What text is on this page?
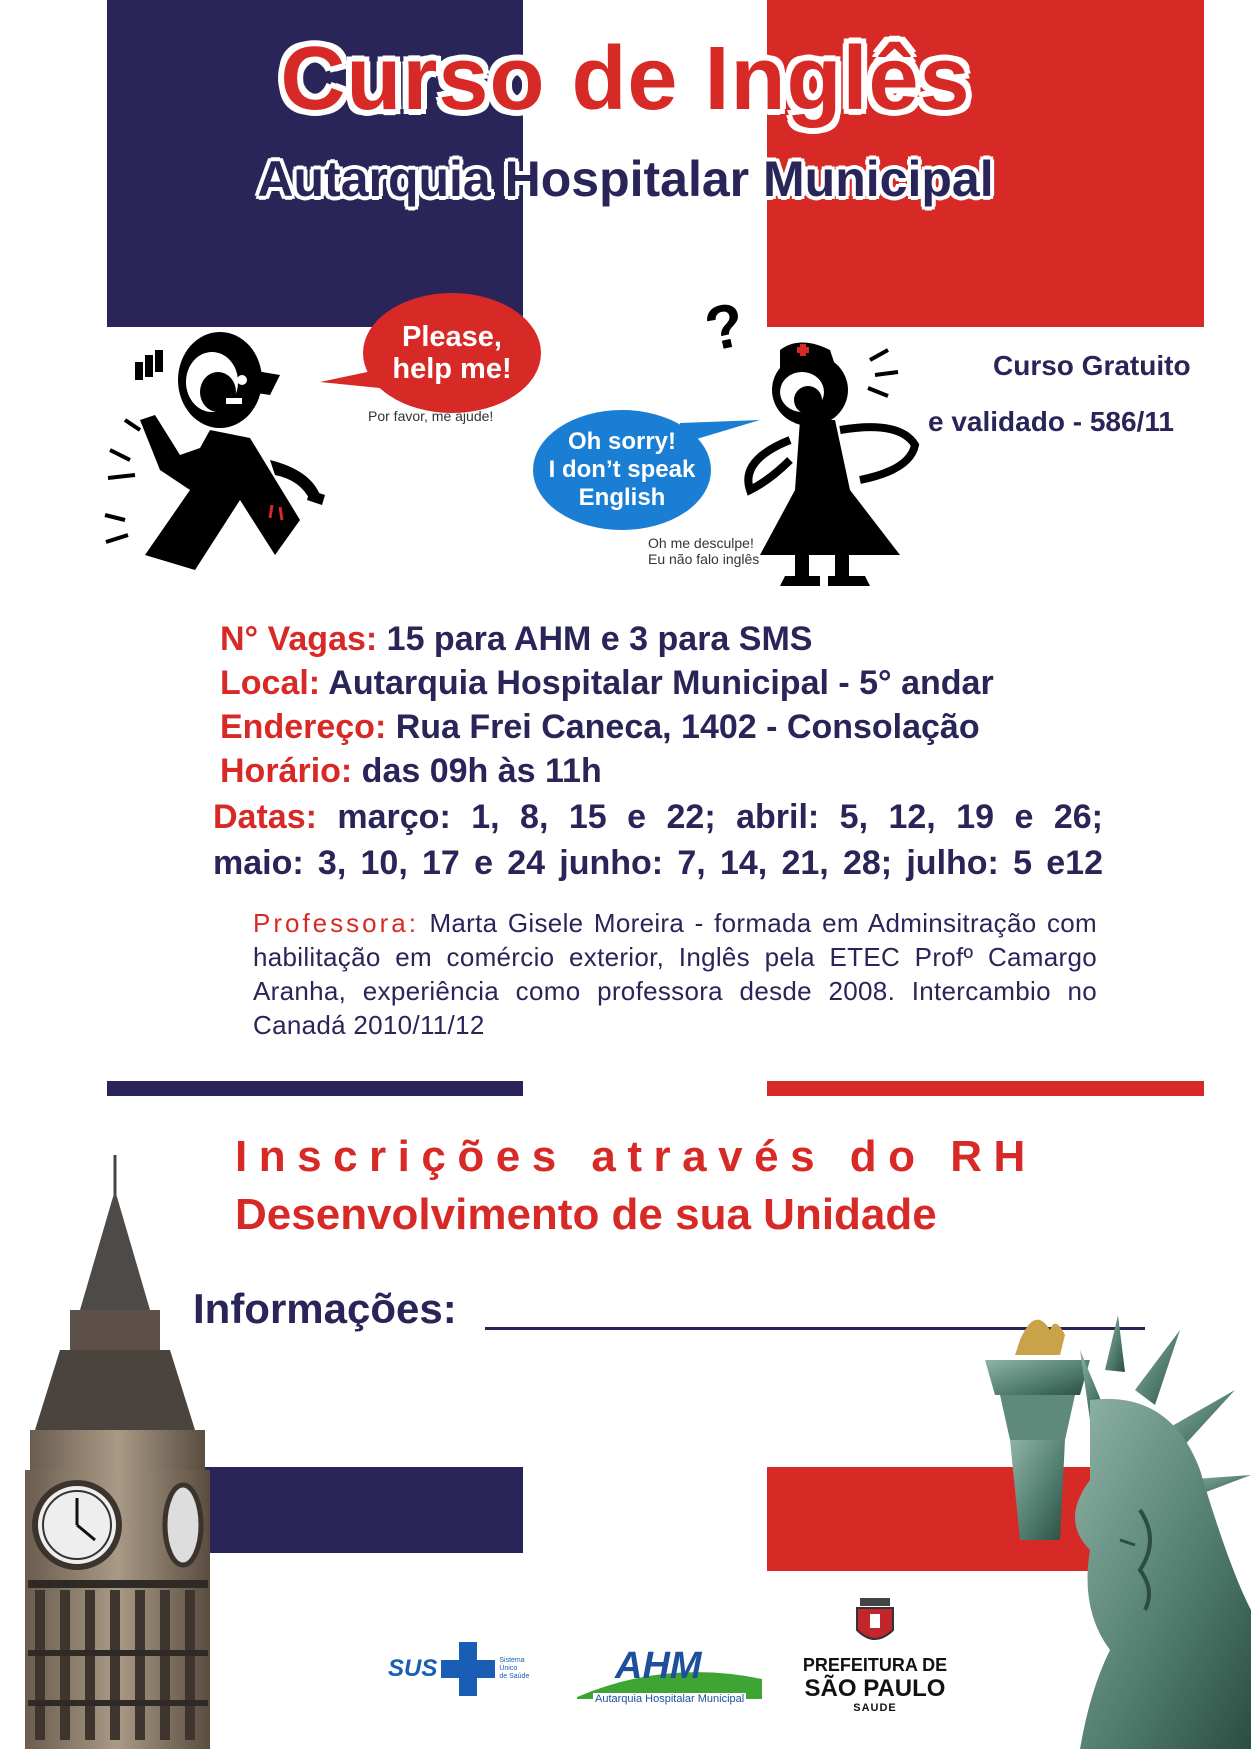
Curso de Inglês
Autarquia Hospitalar Municipal
Please,
help me!
Por favor, me ajude!
Oh sorry!
I don’t speak
English
Oh me desculpe!
Eu não falo inglês
?
Curso Gratuito
e validado - 586/11
N° Vagas: 15 para AHM e 3 para SMS
Local: Autarquia Hospitalar Municipal - 5° andar
Endereço: Rua Frei Caneca, 1402 - Consolação
Horário: das 09h às 11h
Datas: março: 1, 8, 15 e 22; abril: 5, 12, 19 e 26;
maio: 3, 10, 17 e 24 junho: 7, 14, 21, 28; julho: 5 e12
Professora: Marta Gisele Moreira - formada em Adminsitração com habilitação em comércio exterior, Inglês pela ETEC Profº Camargo Aranha, experiência como professora desde 2008. Intercambio no Canadá 2010/11/12
Inscrições através do RH
Desenvolvimento de sua Unidade
Informações:
SUS	Sistema
Único
de Saúde AHM
Autarquia Hospitalar Municipal
PREFEITURA DE
SÃO PAULO
SAUDE
